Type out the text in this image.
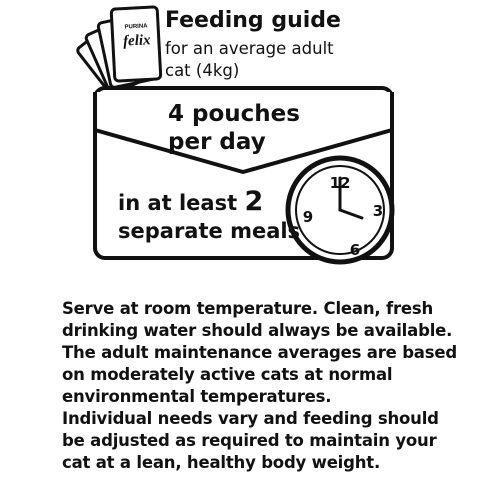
PURINA
felix
12
3
6
9
Feeding guide
for an average adult cat (4kg)
4 pouches
per day
in at least 2
separate meals

Serve at room temperature. Clean, fresh drinking water should always be available.

The adult maintenance averages are based on moderately active cats at normal environmental temperatures.

Individual needs vary and feeding should be adjusted as required to maintain your cat at a lean, healthy body weight.
